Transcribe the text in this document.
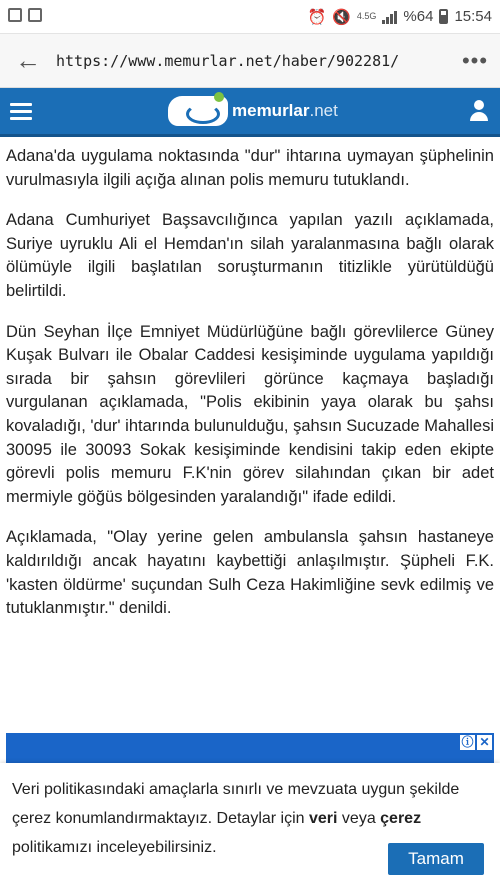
⏰ 🔇 4.5G %64 15:54
←	https://www.memurlar.net/haber/902281/	•••
memurlar.net

Adana'da uygulama noktasında "dur" ihtarına uymayan şüphelinin vurulmasıyla ilgili açığa alınan polis memuru tutuklandı.

Adana Cumhuriyet Başsavcılığınca yapılan yazılı açıklamada, Suriye uyruklu Ali el Hemdan'ın silah yaralanmasına bağlı olarak ölümüyle ilgili başlatılan soruşturmanın titizlikle yürütüldüğü belirtildi.

Dün Seyhan İlçe Emniyet Müdürlüğüne bağlı görevlilerce Güney Kuşak Bulvarı ile Obalar Caddesi kesişiminde uygulama yapıldığı sırada bir şahsın görevlileri görünce kaçmaya başladığı vurgulanan açıklamada, "Polis ekibinin yaya olarak bu şahsı kovaladığı, 'dur' ihtarında bulunulduğu, şahsın Sucuzade Mahallesi 30095 ile 30093 Sokak kesişiminde kendisini takip eden ekipte görevli polis memuru F.K'nin görev silahından çıkan bir adet mermiyle göğüs bölgesinden yaralandığı" ifade edildi.

Açıklamada, "Olay yerine gelen ambulansla şahsın hastaneye kaldırıldığı ancak hayatını kaybettiği anlaşılmıştır. Şüpheli F.K. 'kasten öldürme' suçundan Sulh Ceza Hakimliğine sevk edilmiş ve tutuklanmıştır." denildi.

ⓘ ✕
Veri politikasındaki amaçlarla sınırlı ve mevzuata uygun şekilde çerez konumlandırmaktayız. Detaylar için veri veya çerez politikamızı inceleyebilirsiniz.
Tamam
